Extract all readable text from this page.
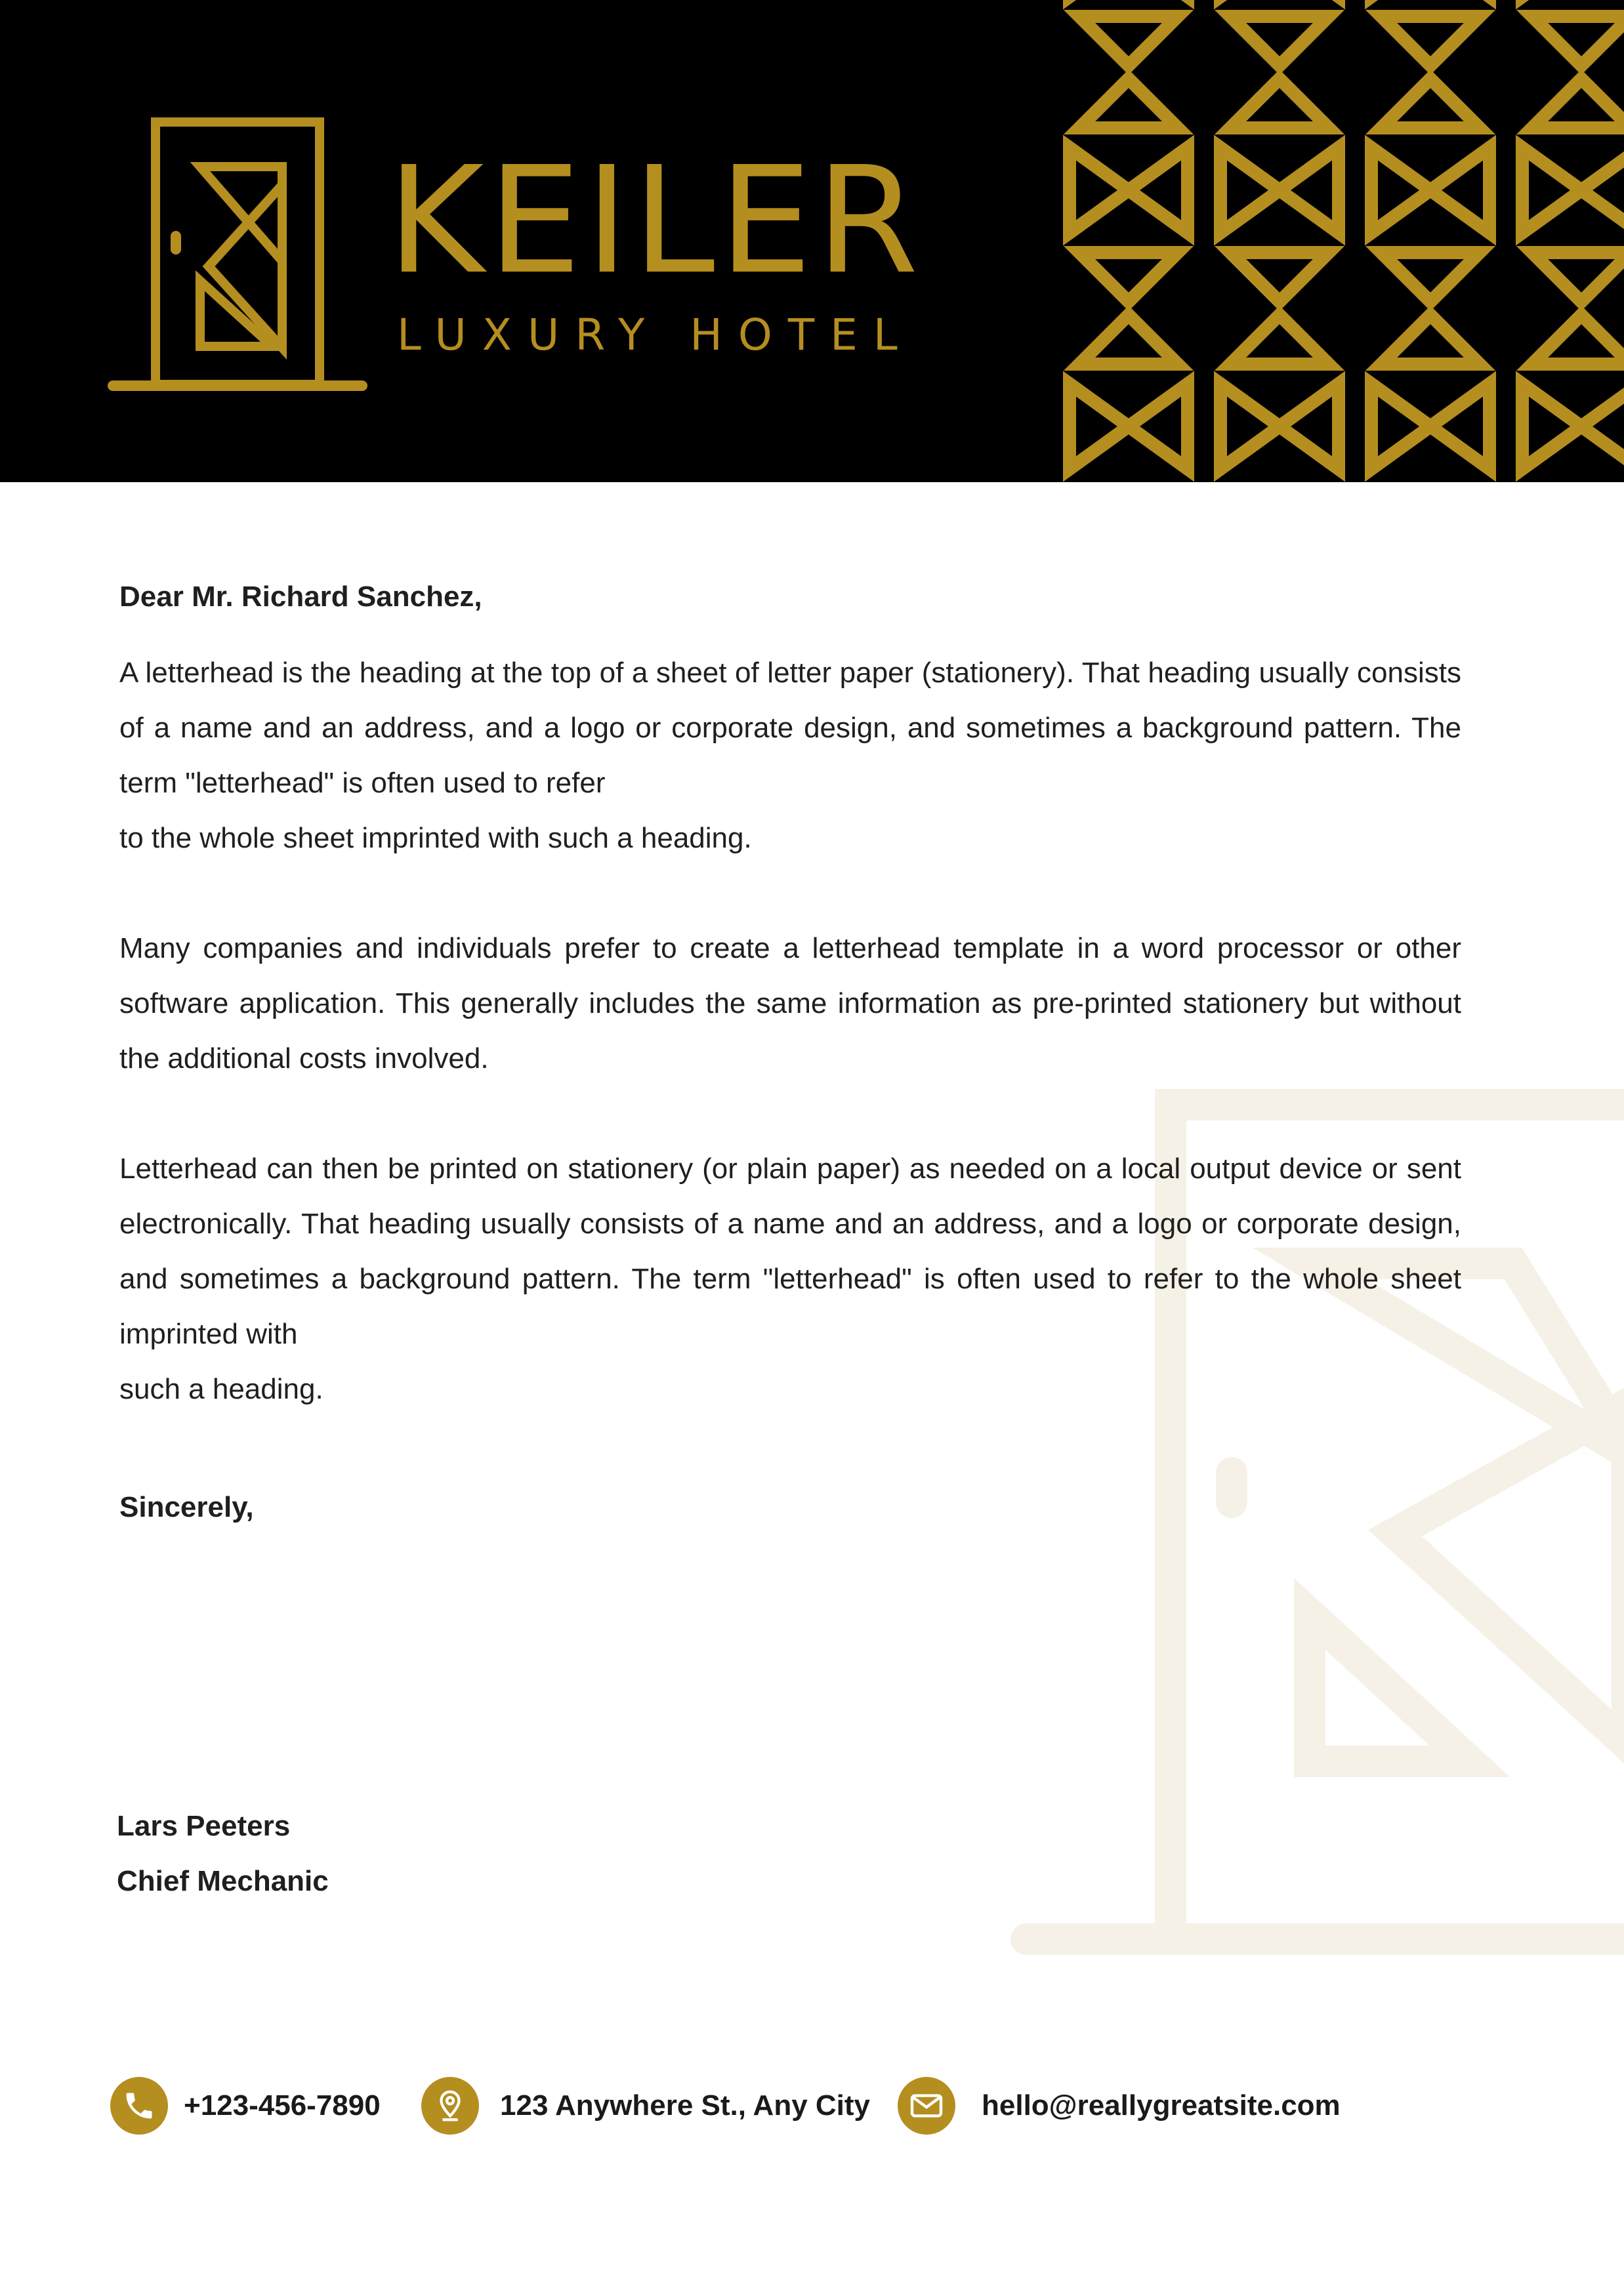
KEILER
LUXURY HOTEL

Dear Mr. Richard Sanchez,

A letterhead is the heading at the top of a sheet of letter paper (stationery). That heading usually consists of a name and an address, and a logo or corporate design, and sometimes a background pattern. The term "letterhead" is often used to refer
to the whole sheet imprinted with such a heading.

Many companies and individuals prefer to create a letterhead template in a word processor or other software application. This generally includes the same information as pre-printed stationery but without the additional costs involved.

Letterhead can then be printed on stationery (or plain paper) as needed on a local output device or sent electronically. That heading usually consists of a name and an address, and a logo or corporate design, and sometimes a background pattern. The term "letterhead" is often used to refer to the whole sheet imprinted with
such a heading.

Sincerely,

Lars Peeters
Chief Mechanic
+123-456-7890	123 Anywhere St., Any City	hello@reallygreatsite.com
